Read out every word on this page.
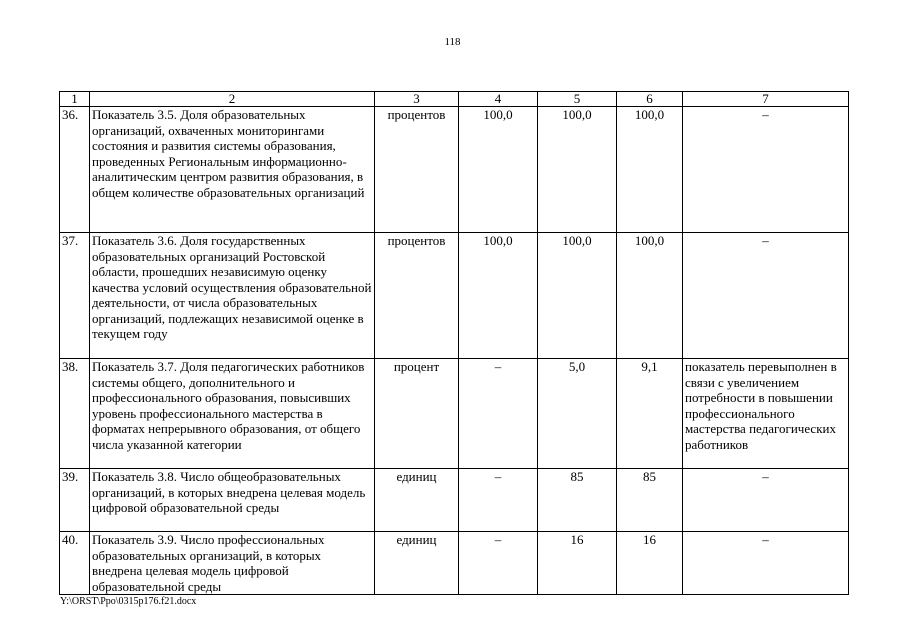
118
1	2	3	4	5	6	7
36.	Показатель 3.5. Доля образовательных организаций, охваченных мониторингами состояния и развития системы образования, проведенных Региональным информационно-аналитическим центром развития образования, в общем количестве образовательных организаций	процентов	100,0	100,0	100,0	–
37.	Показатель 3.6. Доля государственных образовательных организаций Ростовской области, прошедших независимую оценку качества условий осуществления образовательной деятельности, от числа образовательных организаций, подлежащих независимой оценке в текущем году	процентов	100,0	100,0	100,0	–
38.	Показатель 3.7. Доля педагогических работников системы общего, дополнительного и профессионального образования, повысивших уровень профессионального мастерства в форматах непрерывного образования, от общего числа указанной категории	процент	–	5,0	9,1	показатель перевыполнен в связи с увеличением потребности в повышении профессионального мастерства педагогических работников
39.	Показатель 3.8. Число общеобразовательных организаций, в которых внедрена целевая модель цифровой образовательной среды	единиц	–	85	85	–
40.	Показатель 3.9. Число профессиональных образовательных организаций, в которых внедрена целевая модель цифровой образовательной среды	единиц	–	16	16	–
Y:\ORST\Ppo\0315p176.f21.docx
